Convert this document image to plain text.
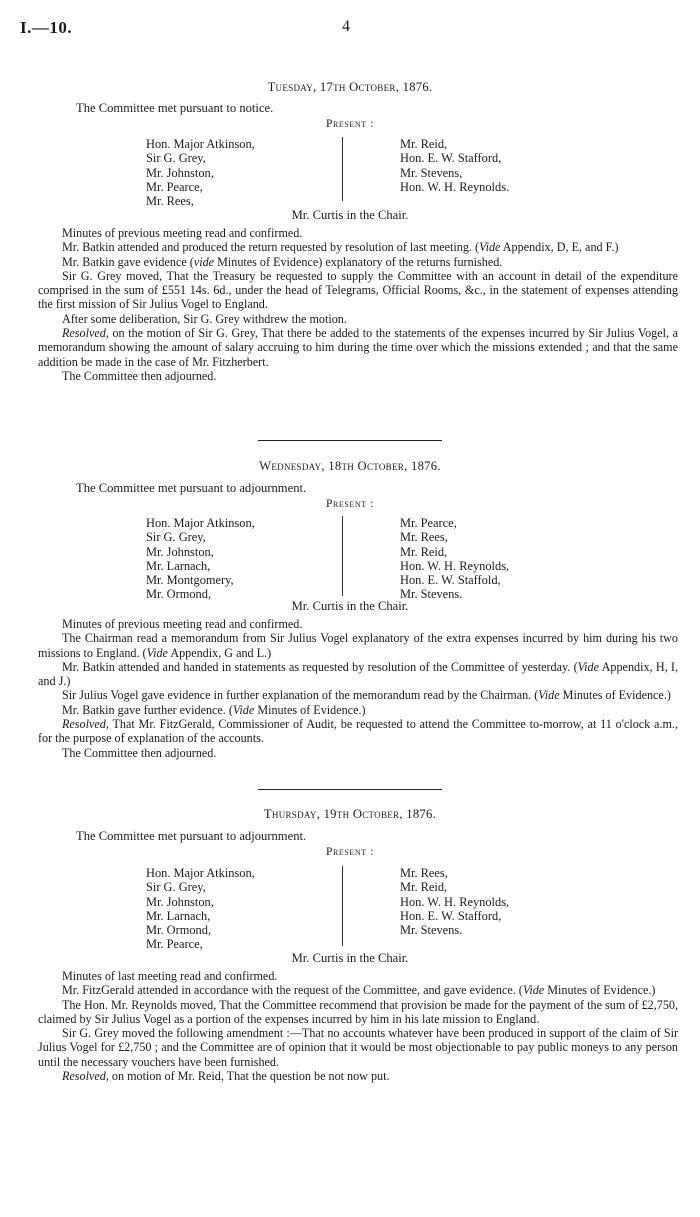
I.—10.	4
Tuesday, 17th October, 1876.
The Committee met pursuant to notice.
Present :
Hon. Major Atkinson,
Sir G. Grey,
Mr. Johnston,
Mr. Pearce,
Mr. Rees,
Mr. Reid,
Hon. E. W. Stafford,
Mr. Stevens,
Hon. W. H. Reynolds.
Mr. Curtis in the Chair.

Minutes of previous meeting read and confirmed.

Mr. Batkin attended and produced the return requested by resolution of last meeting. (Vide Appendix, D, E, and F.)

Mr. Batkin gave evidence (vide Minutes of Evidence) explanatory of the returns furnished.

Sir G. Grey moved, That the Treasury be requested to supply the Committee with an account in detail of the expenditure comprised in the sum of £551 14s. 6d., under the head of Telegrams, Official Rooms, &c., in the statement of expenses attending the first mission of Sir Julius Vogel to England.

After some deliberation, Sir G. Grey withdrew the motion.

Resolved, on the motion of Sir G. Grey, That there be added to the statements of the expenses incurred by Sir Julius Vogel, a memorandum showing the amount of salary accruing to him during the time over which the missions extended ; and that the same addition be made in the case of Mr. Fitzherbert.

The Committee then adjourned.

Wednesday, 18th October, 1876.
The Committee met pursuant to adjournment.
Present :
Hon. Major Atkinson,
Sir G. Grey,
Mr. Johnston,
Mr. Larnach,
Mr. Montgomery,
Mr. Ormond,
Mr. Pearce,
Mr. Rees,
Mr. Reid,
Hon. W. H. Reynolds,
Hon. E. W. Staffold,
Mr. Stevens.
Mr. Curtis in the Chair.

Minutes of previous meeting read and confirmed.

The Chairman read a memorandum from Sir Julius Vogel explanatory of the extra expenses incurred by him during his two missions to England. (Vide Appendix, G and L.)

Mr. Batkin attended and handed in statements as requested by resolution of the Committee of yesterday. (Vide Appendix, H, I, and J.)

Sir Julius Vogel gave evidence in further explanation of the memorandum read by the Chairman. (Vide Minutes of Evidence.)

Mr. Batkin gave further evidence. (Vide Minutes of Evidence.)

Resolved, That Mr. FitzGerald, Commissioner of Audit, be requested to attend the Committee to-morrow, at 11 o'clock a.m., for the purpose of explanation of the accounts.

The Committee then adjourned.

Thursday, 19th October, 1876.
The Committee met pursuant to adjournment.
Present :
Hon. Major Atkinson,
Sir G. Grey,
Mr. Johnston,
Mr. Larnach,
Mr. Ormond,
Mr. Pearce,
Mr. Rees,
Mr. Reid,
Hon. W. H. Reynolds,
Hon. E. W. Stafford,
Mr. Stevens.
Mr. Curtis in the Chair.

Minutes of last meeting read and confirmed.

Mr. FitzGerald attended in accordance with the request of the Committee, and gave evidence. (Vide Minutes of Evidence.)

The Hon. Mr. Reynolds moved, That the Committee recommend that provision be made for the payment of the sum of £2,750, claimed by Sir Julius Vogel as a portion of the expenses incurred by him in his late mission to England.

Sir G. Grey moved the following amendment :—That no accounts whatever have been produced in support of the claim of Sir Julius Vogel for £2,750 ; and the Committee are of opinion that it would be most objectionable to pay public moneys to any person until the necessary vouchers have been furnished.

Resolved, on motion of Mr. Reid, That the question be not now put.
